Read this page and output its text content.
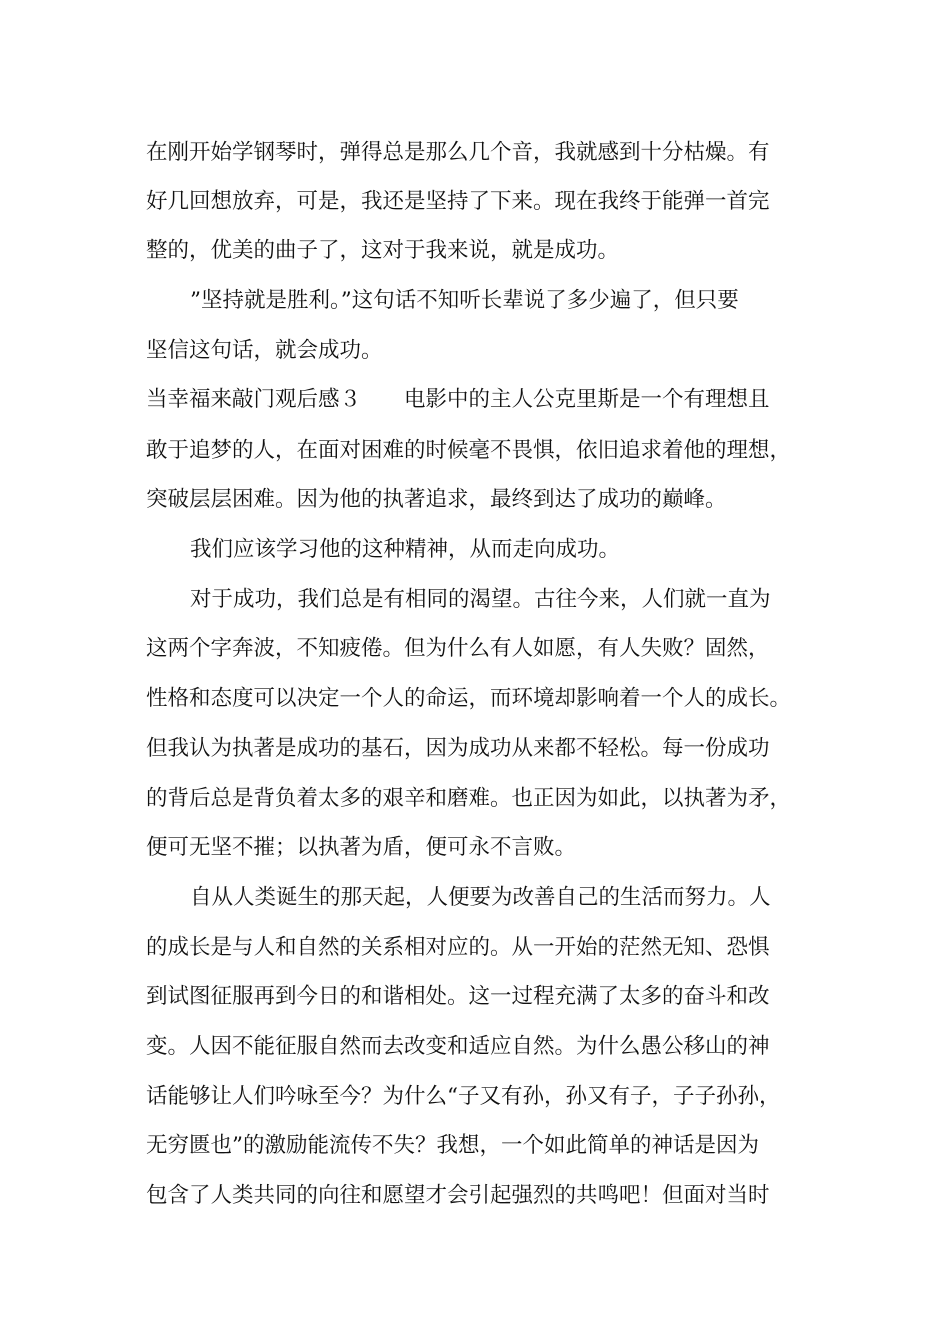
在刚开始学钢琴时，弹得总是那么几个音，我就感到十分枯燥。有
好几回想放弃，可是，我还是坚持了下来。现在我终于能弹一首完
整的，优美的曲子了，这对于我来说，就是成功。
”坚持就是胜利。”这句话不知听长辈说了多少遍了，但只要
坚信这句话，就会成功。
当幸福来敲门观后感３　　电影中的主人公克里斯是一个有理想且
敢于追梦的人，在面对困难的时候毫不畏惧，依旧追求着他的理想，
突破层层困难。因为他的执著追求，最终到达了成功的巅峰。
我们应该学习他的这种精神，从而走向成功。
对于成功，我们总是有相同的渴望。古往今来，人们就一直为
这两个字奔波，不知疲倦。但为什么有人如愿，有人失败？固然，
性格和态度可以决定一个人的命运，而环境却影响着一个人的成长。
但我认为执著是成功的基石，因为成功从来都不轻松。每一份成功
的背后总是背负着太多的艰辛和磨难。也正因为如此，以执著为矛，
便可无坚不摧；以执著为盾，便可永不言败。
自从人类诞生的那天起，人便要为改善自己的生活而努力。人
的成长是与人和自然的关系相对应的。从一开始的茫然无知、恐惧
到试图征服再到今日的和谐相处。这一过程充满了太多的奋斗和改
变。人因不能征服自然而去改变和适应自然。为什么愚公移山的神
话能够让人们吟咏至今？为什么“子又有孙，孙又有子，子子孙孙，
无穷匮也”的激励能流传不失？我想，一个如此简单的神话是因为
包含了人类共同的向往和愿望才会引起强烈的共鸣吧！但面对当时
